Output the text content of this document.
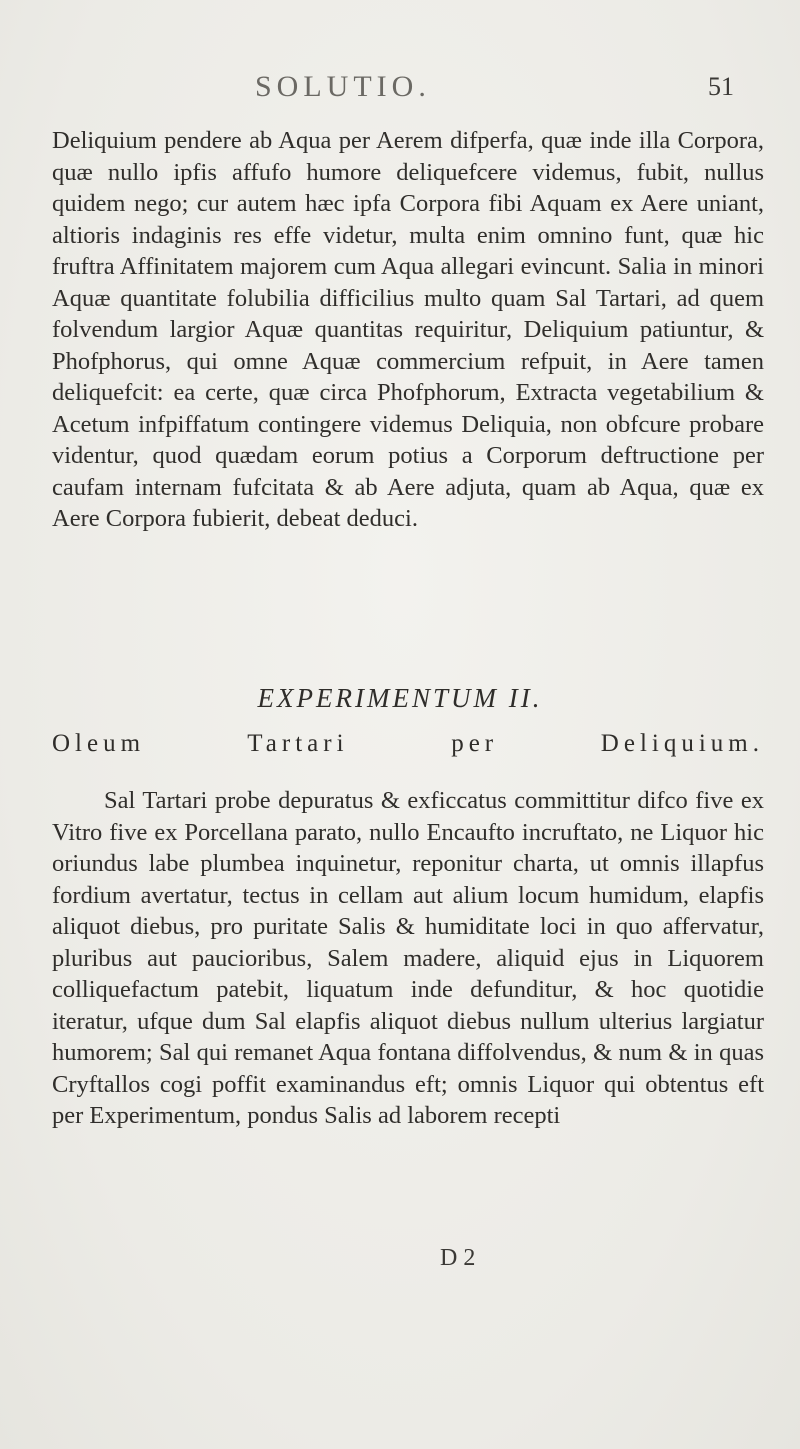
SOLUTIO.	51

Deliquium pendere ab Aqua per Aerem difperfa, quæ inde illa Corpora, quæ nullo ipfis affufo humore deliquefcere videmus, fubit, nullus quidem nego; cur autem hæc ipfa Corpora fibi Aquam ex Aere uniant, altioris indaginis res effe videtur, multa enim omnino funt, quæ hic fruftra Affinitatem majorem cum Aqua allegari evincunt. Salia in minori Aquæ quantitate folubilia difficilius multo quam Sal Tartari, ad quem folvendum largior Aquæ quantitas requiritur, Deliquium patiuntur, & Phofphorus, qui omne Aquæ commercium refpuit, in Aere tamen deliquefcit: ea certe, quæ circa Phofphorum, Extracta vegetabilium & Acetum infpiffatum contingere videmus Deliquia, non obfcure probare videntur, quod quædam eorum potius a Corporum deftructione per caufam internam fufcitata & ab Aere adjuta, quam ab Aqua, quæ ex Aere Corpora fubierit, debeat deduci.

EXPERIMENTUM II.
Oleum Tartari per Deliquium.

Sal Tartari probe depuratus & exficcatus committitur difco five ex Vitro five ex Porcellana parato, nullo Encaufto incruftato, ne Liquor hic oriundus labe plumbea inquinetur, reponitur charta, ut omnis illapfus fordium avertatur, tectus in cellam aut alium locum humidum, elapfis aliquot diebus, pro puritate Salis & humiditate loci in quo affervatur, pluribus aut paucioribus, Salem madere, aliquid ejus in Liquorem colliquefactum patebit, liquatum inde defunditur, & hoc quotidie iteratur, ufque dum Sal elapfis aliquot diebus nullum ulterius largiatur humorem; Sal qui remanet Aqua fontana diffolvendus, & num & in quas Cryftallos cogi poffit examinandus eft; omnis Liquor qui obtentus eft per Experimentum, pondus Salis ad laborem recepti

D 2
